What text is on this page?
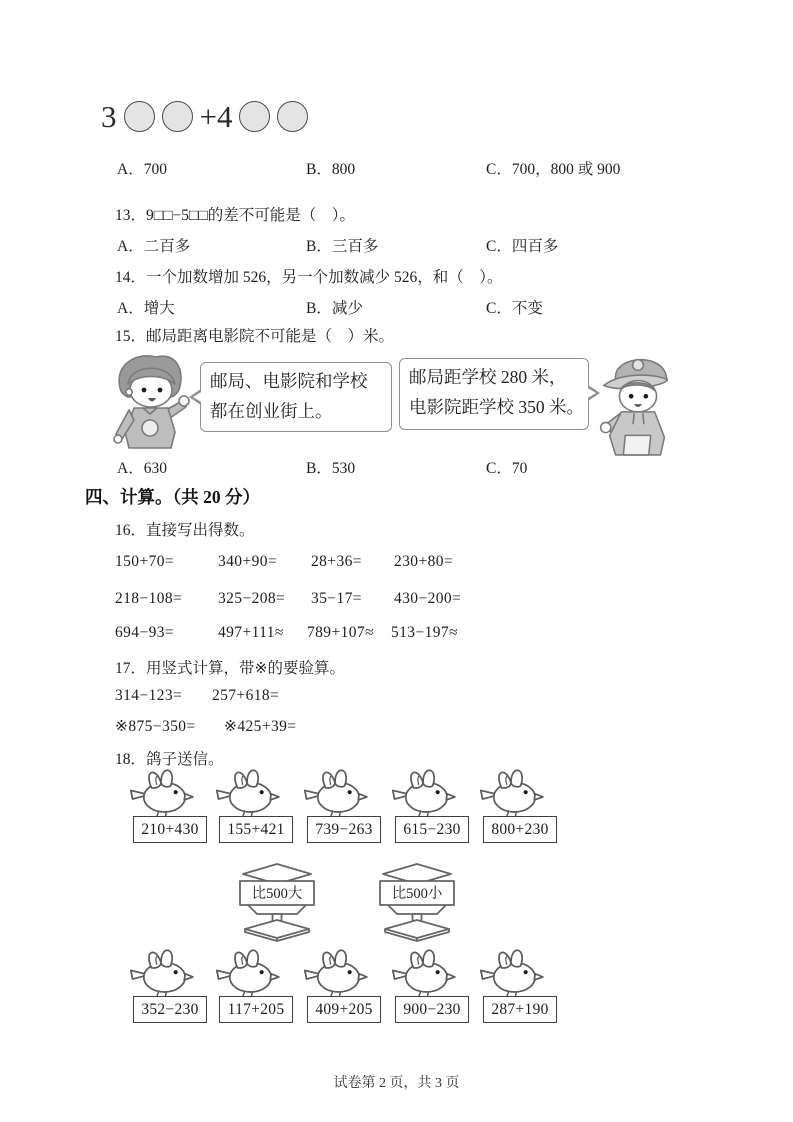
3	+4
A．700	B．800	C．700，800 或 900
13．9□□−5□□的差不可能是（　）。
A．二百多	B．三百多	C．四百多
14．一个加数增加 526，另一个加数减少 526，和（　）。
A．增大	B．减少	C．不变
15．邮局距离电影院不可能是（　）米。
邮局、电影院和学校
都在创业街上。
邮局距学校 280 米，
电影院距学校 350 米。
A．630	B．530	C．70
四、计算。（共 20 分）
16．直接写出得数。
150+70=	340+90= 28+36= 230+80=
218−108= 325−208= 35−17= 430−200=
694−93=	497+111≈ 789+107≈ 513−197≈
17．用竖式计算，带※的要验算。
314−123= 257+618=
※875−350= ※425+39=
18．鸽子送信。
210+430	155+421	739−263	615−230	800+230
比500大	比500小
352−230	117+205	409+205	900−230	287+190
试卷第 2 页，共 3 页
